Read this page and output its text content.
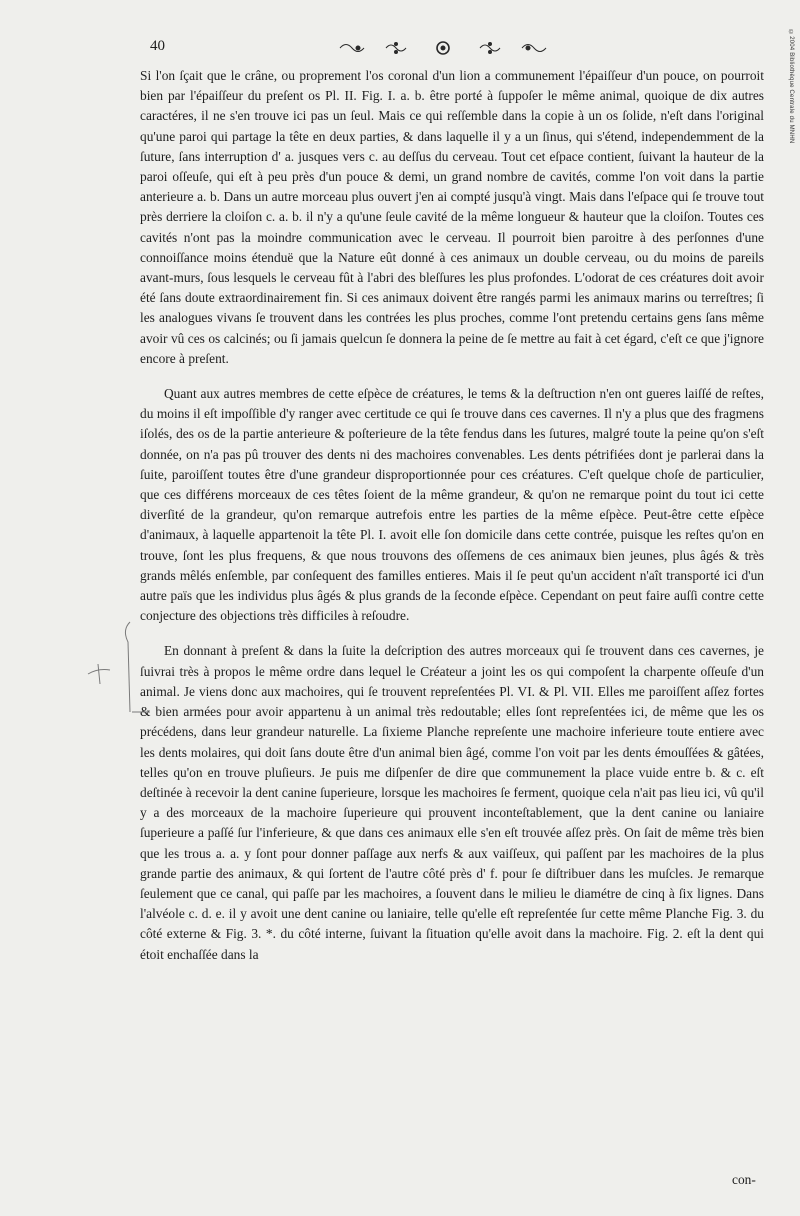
40	©2004 Bibliothèque Centrale du MNHN

Si l'on ſçait que le crâne, ou proprement l'os coronal d'un lion a communement l'épaiſſeur d'un pouce, on pourroit bien par l'épaiſſeur du preſent os Pl. II. Fig. I. a. b. être porté à ſuppoſer le même animal, quoique de dix autres caractéres, il ne s'en trouve ici pas un ſeul. Mais ce qui reſſemble dans la copie à un os ſolide, n'eſt dans l'original qu'une paroi qui partage la tête en deux parties, & dans laquelle il y a un ſinus, qui s'étend, independemment de la ſuture, ſans interruption d' a. jusques vers c. au deſſus du cerveau. Tout cet eſpace contient, ſuivant la hauteur de la paroi oſſeuſe, qui eſt à peu près d'un pouce & demi, un grand nombre de cavités, comme l'on voit dans la partie anterieure a. b. Dans un autre morceau plus ouvert j'en ai compté jusqu'à vingt. Mais dans l'eſpace qui ſe trouve tout près derriere la cloiſon c. a. b. il n'y a qu'une ſeule cavité de la même longueur & hauteur que la cloiſon. Toutes ces cavités n'ont pas la moindre communication avec le cerveau. Il pourroit bien paroitre à des perſonnes d'une connoiſſance moins étenduë que la Nature eût donné à ces animaux un double cerveau, ou du moins de pareils avant-murs, ſous lesquels le cerveau fût à l'abri des bleſſures les plus profondes. L'odorat de ces créatures doit avoir été ſans doute extraordinairement fin. Si ces animaux doivent être rangés parmi les animaux marins ou terreſtres; ſi les analogues vivans ſe trouvent dans les contrées les plus proches, comme l'ont pretendu certains gens ſans même avoir vû ces os calcinés; ou ſi jamais quelcun ſe donnera la peine de ſe mettre au fait à cet égard, c'eſt ce que j'ignore encore à preſent.

Quant aux autres membres de cette eſpèce de créatures, le tems & la deſtruction n'en ont gueres laiſſé de reſtes, du moins il eſt impoſſible d'y ranger avec certitude ce qui ſe trouve dans ces cavernes. Il n'y a plus que des fragmens iſolés, des os de la partie anterieure & poſterieure de la tête fendus dans les ſutures, malgré toute la peine qu'on s'eſt donnée, on n'a pas pû trouver des dents ni des machoires convenables. Les dents pétrifiées dont je parlerai dans la ſuite, paroiſſent toutes être d'une grandeur disproportionnée pour ces créatures. C'eſt quelque choſe de particulier, que ces différens morceaux de ces têtes ſoient de la même grandeur, & qu'on ne remarque point du tout ici cette diverſité de la grandeur, qu'on remarque autrefois entre les parties de la même eſpèce. Peut-être cette eſpèce d'animaux, à laquelle appartenoit la tête Pl. I. avoit elle ſon domicile dans cette contrée, puisque les reſtes qu'on en trouve, ſont les plus frequens, & que nous trouvons des oſſemens de ces animaux bien jeunes, plus âgés & très grands mêlés enſemble, par conſequent des familles entieres. Mais il ſe peut qu'un accident n'aît transporté ici d'un autre païs que les individus plus âgés & plus grands de la ſeconde eſpèce. Cependant on peut faire auſſi contre cette conjecture des objections très difficiles à reſoudre.

En donnant à preſent & dans la ſuite la deſcription des autres morceaux qui ſe trouvent dans ces cavernes, je ſuivrai très à propos le même ordre dans lequel le Créateur a joint les os qui compoſent la charpente oſſeuſe d'un animal. Je viens donc aux machoires, qui ſe trouvent repreſentées Pl. VI. & Pl. VII. Elles me paroiſſent aſſez fortes & bien armées pour avoir appartenu à un animal très redoutable; elles ſont repreſentées ici, de même que les os précédens, dans leur grandeur naturelle. La ſixieme Planche repreſente une machoire inferieure toute entiere avec les dents molaires, qui doit ſans doute être d'un animal bien âgé, comme l'on voit par les dents émouſſées & gâtées, telles qu'on en trouve pluſieurs. Je puis me diſpenſer de dire que communement la place vuide entre b. & c. eſt deſtinée à recevoir la dent canine ſuperieure, lorsque les machoires ſe ferment, quoique cela n'ait pas lieu ici, vû qu'il y a des morceaux de la machoire ſuperieure qui prouvent inconteſtablement, que la dent canine ou laniaire ſuperieure a paſſé ſur l'inferieure, & que dans ces animaux elle s'en eſt trouvée aſſez près. On ſait de même très bien que les trous a. a. y ſont pour donner paſſage aux nerfs & aux vaiſſeux, qui paſſent par les machoires de la plus grande partie des animaux, & qui ſortent de l'autre côté près d' f. pour ſe diſtribuer dans les muſcles. Je remarque ſeulement que ce canal, qui paſſe par les machoires, a ſouvent dans le milieu le diamétre de cinq à ſix lignes. Dans l'alvéole c. d. e. il y avoit une dent canine ou laniaire, telle qu'elle eſt repreſentée ſur cette même Planche Fig. 3. du côté externe & Fig. 3. *. du côté interne, ſuivant la ſituation qu'elle avoit dans la machoire. Fig. 2. eſt la dent qui étoit enchaſſée dans la

con-
